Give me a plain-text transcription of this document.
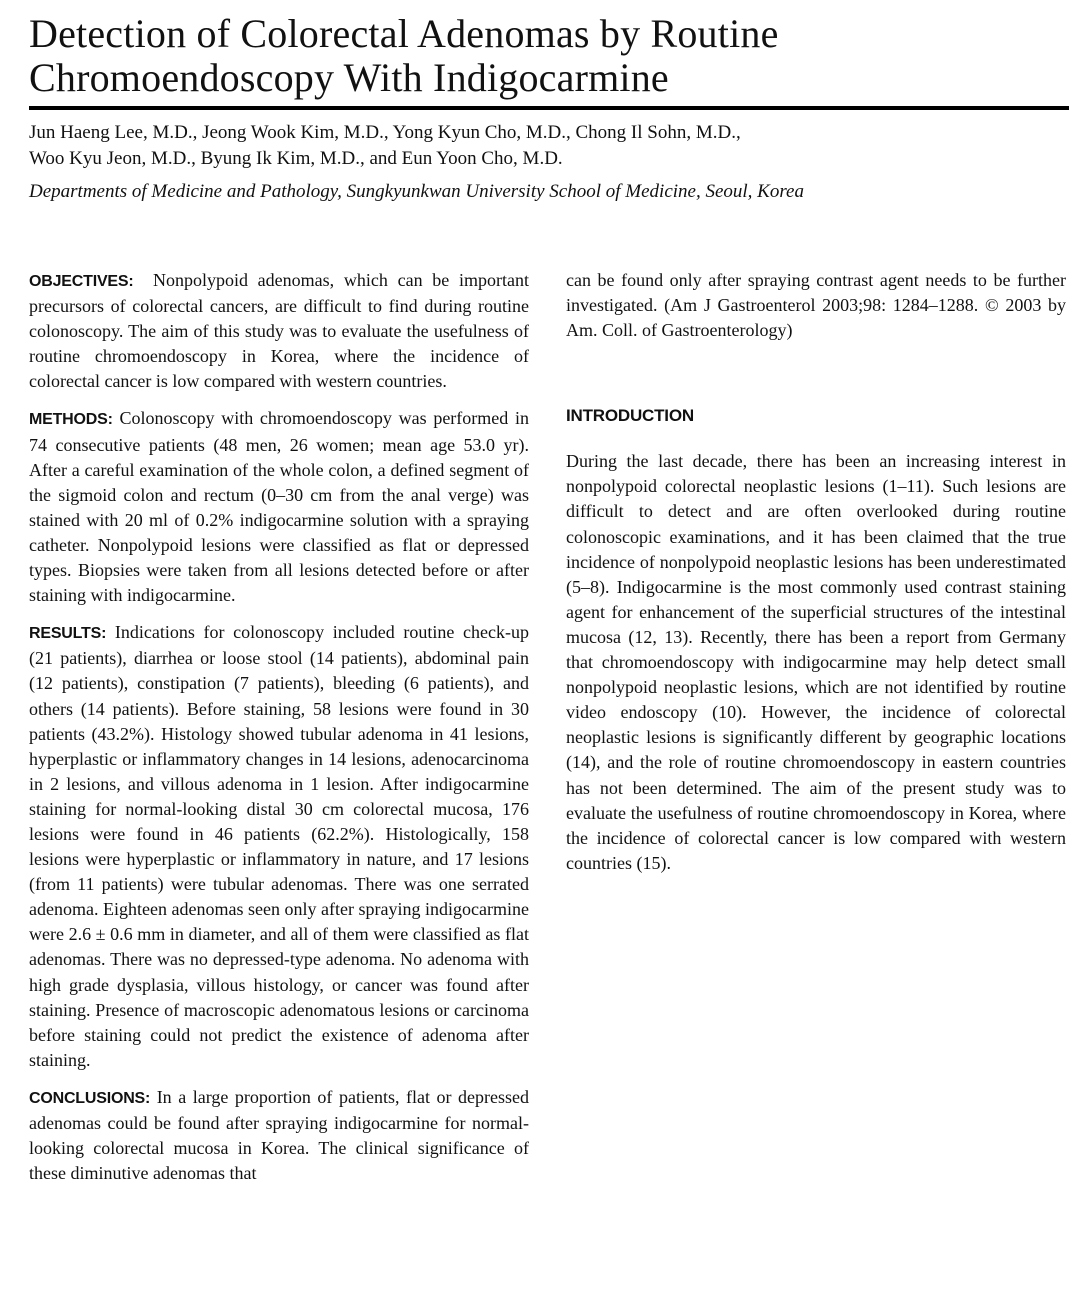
Detection of Colorectal Adenomas by Routine Chromoendoscopy With Indigocarmine
Jun Haeng Lee, M.D., Jeong Wook Kim, M.D., Yong Kyun Cho, M.D., Chong Il Sohn, M.D.,
Woo Kyu Jeon, M.D., Byung Ik Kim, M.D., and Eun Yoon Cho, M.D.
Departments of Medicine and Pathology, Sungkyunkwan University School of Medicine, Seoul, Korea

OBJECTIVES: Nonpolypoid adenomas, which can be important precursors of colorectal cancers, are difficult to find during routine colonoscopy. The aim of this study was to evaluate the usefulness of routine chromoendoscopy in Korea, where the incidence of colorectal cancer is low compared with western countries.

METHODS: Colonoscopy with chromoendoscopy was performed in 74 consecutive patients (48 men, 26 women; mean age 53.0 yr). After a careful examination of the whole colon, a defined segment of the sigmoid colon and rectum (0–30 cm from the anal verge) was stained with 20 ml of 0.2% indigocarmine solution with a spraying catheter. Nonpolypoid lesions were classified as flat or depressed types. Biopsies were taken from all lesions detected before or after staining with indigocarmine.

RESULTS: Indications for colonoscopy included routine check-up (21 patients), diarrhea or loose stool (14 patients), abdominal pain (12 patients), constipation (7 patients), bleeding (6 patients), and others (14 patients). Before staining, 58 lesions were found in 30 patients (43.2%). Histology showed tubular adenoma in 41 lesions, hyperplastic or inflammatory changes in 14 lesions, adenocarcinoma in 2 lesions, and villous adenoma in 1 lesion. After indigocarmine staining for normal-looking distal 30 cm colorectal mucosa, 176 lesions were found in 46 patients (62.2%). Histologically, 158 lesions were hyperplastic or inflammatory in nature, and 17 lesions (from 11 patients) were tubular adenomas. There was one serrated adenoma. Eighteen adenomas seen only after spraying indigocarmine were 2.6 ± 0.6 mm in diameter, and all of them were classified as flat adenomas. There was no depressed-type adenoma. No adenoma with high grade dysplasia, villous histology, or cancer was found after staining. Presence of macroscopic adenomatous lesions or carcinoma before staining could not predict the existence of adenoma after staining.

CONCLUSIONS: In a large proportion of patients, flat or depressed adenomas could be found after spraying indigocarmine for normal-looking colorectal mucosa in Korea. The clinical significance of these diminutive adenomas that

can be found only after spraying contrast agent needs to be further investigated. (Am J Gastroenterol 2003;98: 1284–1288. © 2003 by Am. Coll. of Gastroenterology)

INTRODUCTION

During the last decade, there has been an increasing interest in nonpolypoid colorectal neoplastic lesions (1–11). Such lesions are difficult to detect and are often overlooked during routine colonoscopic examinations, and it has been claimed that the true incidence of nonpolypoid neoplastic lesions has been underestimated (5–8). Indigocarmine is the most commonly used contrast staining agent for enhancement of the superficial structures of the intestinal mucosa (12, 13). Recently, there has been a report from Germany that chromoendoscopy with indigocarmine may help detect small nonpolypoid neoplastic lesions, which are not identified by routine video endoscopy (10). However, the incidence of colorectal neoplastic lesions is significantly different by geographic locations (14), and the role of routine chromoendoscopy in eastern countries has not been determined. The aim of the present study was to evaluate the usefulness of routine chromoendoscopy in Korea, where the incidence of colorectal cancer is low compared with western countries (15).
